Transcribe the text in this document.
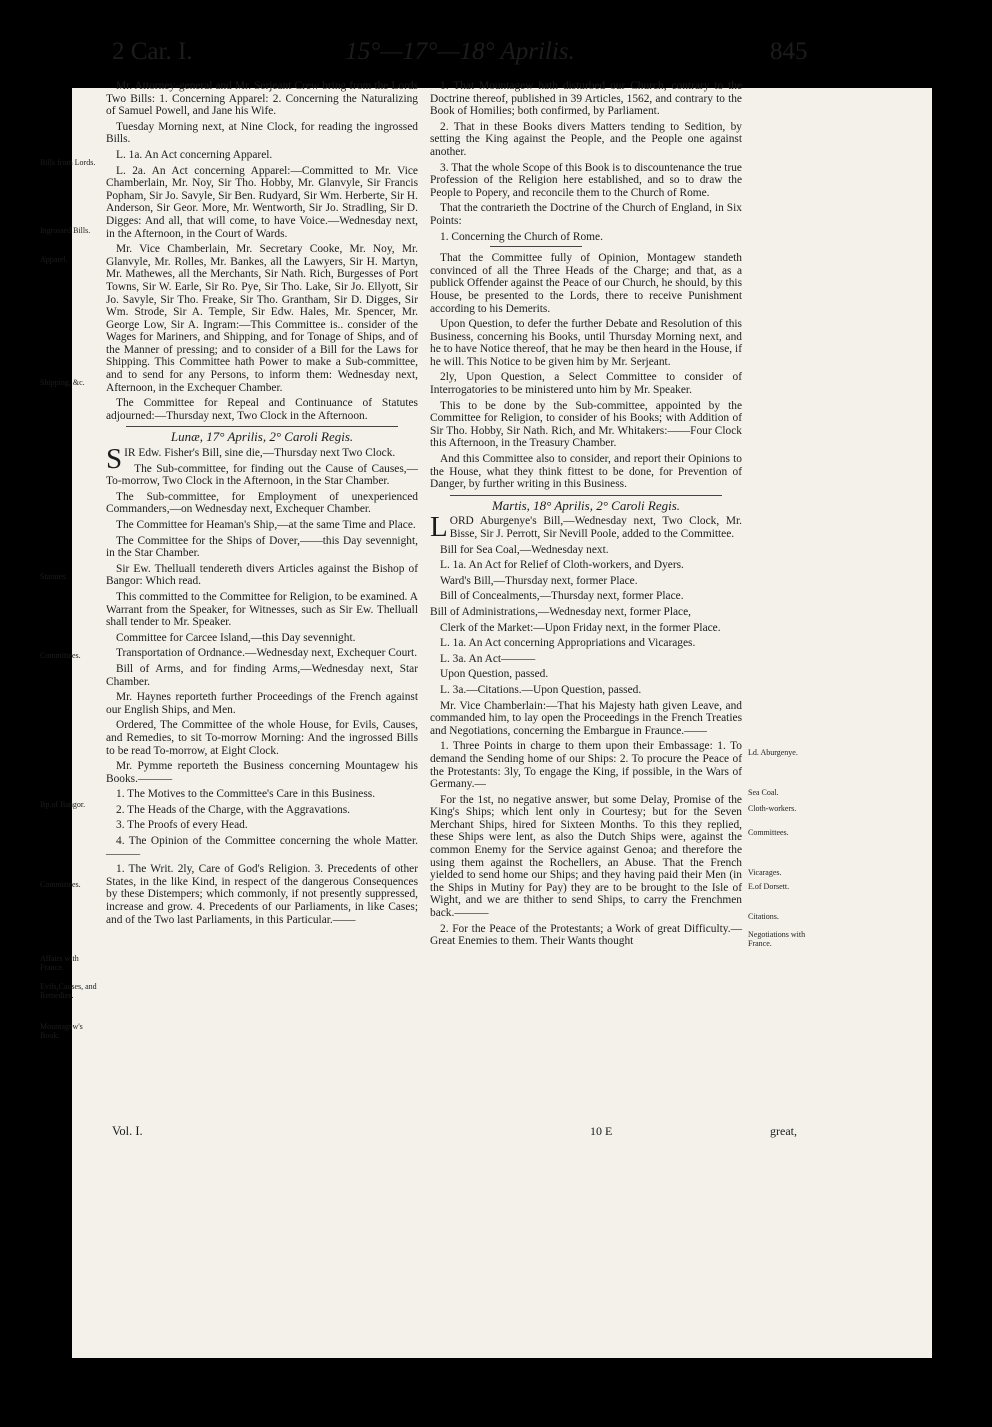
2 Car. I.	15°—17°—18° Aprilis.	845
Bills from Lords.
Ingrossed Bills.
Apparel.
Shipping, &c.
Statutes.
Committees.
Bp.of Bangor.
Committees.
Affairs with France.
Evils,Causes, and Remedies.
Mountagew's Book.
Ld. Aburgenye.
Sea Coal.
Cloth-workers.
Committees.
Vicarages.
E.of Dorsett.
Citations.
Negotiations with France.

Mr. Attorney-general and Mr. Serjeant Crew bring from the Lords Two Bills: 1. Concerning Apparel: 2. Concerning the Naturalizing of Samuel Powell, and Jane his Wife.

Tuesday Morning next, at Nine Clock, for reading the ingrossed Bills.

L. 1a. An Act concerning Apparel.

L. 2a. An Act concerning Apparel:—Committed to Mr. Vice Chamberlain, Mr. Noy, Sir Tho. Hobby, Mr. Glanvyle, Sir Francis Popham, Sir Jo. Savyle, Sir Ben. Rudyard, Sir Wm. Herberte, Sir H. Anderson, Sir Geor. More, Mr. Wentworth, Sir Jo. Stradling, Sir D. Digges: And all, that will come, to have Voice.—Wednesday next, in the Afternoon, in the Court of Wards.

Mr. Vice Chamberlain, Mr. Secretary Cooke, Mr. Noy, Mr. Glanvyle, Mr. Rolles, Mr. Bankes, all the Lawyers, Sir H. Martyn, Mr. Mathewes, all the Merchants, Sir Nath. Rich, Burgesses of Port Towns, Sir W. Earle, Sir Ro. Pye, Sir Tho. Lake, Sir Jo. Ellyott, Sir Jo. Savyle, Sir Tho. Freake, Sir Tho. Grantham, Sir D. Digges, Sir Wm. Strode, Sir A. Temple, Sir Edw. Hales, Mr. Spencer, Mr. George Low, Sir A. Ingram:—This Committee is.. consider of the Wages for Mariners, and Shipping, and for Tonage of Ships, and of the Manner of pressing; and to consider of a Bill for the Laws for Shipping. This Committee hath Power to make a Sub-committee, and to send for any Persons, to inform them: Wednesday next, Afternoon, in the Exchequer Chamber.

The Committee for Repeal and Continuance of Statutes adjourned:—Thursday next, Two Clock in the Afternoon.

Lunæ, 17° Aprilis, 2° Caroli Regis.

SIR Edw. Fisher's Bill, sine die,—Thursday next Two Clock.

The Sub-committee, for finding out the Cause of Causes,—To-morrow, Two Clock in the Afternoon, in the Star Chamber.

The Sub-committee, for Employment of unexperienced Commanders,—on Wednesday next, Exchequer Chamber.

The Committee for Heaman's Ship,—at the same Time and Place.

The Committee for the Ships of Dover,——this Day sevennight, in the Star Chamber.

Sir Ew. Thelluall tendereth divers Articles against the Bishop of Bangor: Which read.

This committed to the Committee for Religion, to be examined. A Warrant from the Speaker, for Witnesses, such as Sir Ew. Thelluall shall tender to Mr. Speaker.

Committee for Carcee Island,—this Day sevennight.

Transportation of Ordnance.—Wednesday next, Exchequer Court.

Bill of Arms, and for finding Arms,—Wednesday next, Star Chamber.

Mr. Haynes reporteth further Proceedings of the French against our English Ships, and Men.

Ordered, The Committee of the whole House, for Evils, Causes, and Remedies, to sit To-morrow Morning: And the ingrossed Bills to be read To-morrow, at Eight Clock.

Mr. Pymme reporteth the Business concerning Mountagew his Books.———

1. The Motives to the Committee's Care in this Business.

2. The Heads of the Charge, with the Aggravations.

3. The Proofs of every Head.

4. The Opinion of the Committee concerning the whole Matter.———

1. The Writ. 2ly, Care of God's Religion. 3. Precedents of other States, in the like Kind, in respect of the dangerous Consequences by these Distempers; which commonly, if not presently suppressed, increase and grow. 4. Precedents of our Parliaments, in like Cases; and of the Two last Parliaments, in this Particular.——

1. That Mountagew hath disturbed our Church, contrary to the Doctrine thereof, published in 39 Articles, 1562, and contrary to the Book of Homilies; both confirmed, by Parliament.

2. That in these Books divers Matters tending to Sedition, by setting the King against the People, and the People one against another.

3. That the whole Scope of this Book is to discountenance the true Profession of the Religion here established, and so to draw the People to Popery, and reconcile them to the Church of Rome.

That the contrarieth the Doctrine of the Church of England, in Six Points:

1. Concerning the Church of Rome.

That the Committee fully of Opinion, Montagew standeth convinced of all the Three Heads of the Charge; and that, as a publick Offender against the Peace of our Church, he should, by this House, be presented to the Lords, there to receive Punishment according to his Demerits.

Upon Question, to defer the further Debate and Resolution of this Business, concerning his Books, until Thursday Morning next, and he to have Notice thereof, that he may be then heard in the House, if he will. This Notice to be given him by Mr. Serjeant.

2ly, Upon Question, a Select Committee to consider of Interrogatories to be ministered unto him by Mr. Speaker.

This to be done by the Sub-committee, appointed by the Committee for Religion, to consider of his Books; with Addition of Sir Tho. Hobby, Sir Nath. Rich, and Mr. Whitakers:——Four Clock this Afternoon, in the Treasury Chamber.

And this Committee also to consider, and report their Opinions to the House, what they think fittest to be done, for Prevention of Danger, by further writing in this Business.

Martis, 18° Aprilis, 2° Caroli Regis.

LORD Aburgenye's Bill,—Wednesday next, Two Clock, Mr. Bisse, Sir J. Perrott, Sir Nevill Poole, added to the Committee.

Bill for Sea Coal,—Wednesday next.

L. 1a. An Act for Relief of Cloth-workers, and Dyers.

Ward's Bill,—Thursday next, former Place.

Bill of Concealments,—Thursday next, former Place.

Bill of Administrations,—Wednesday next, former Place,

Clerk of the Market:—Upon Friday next, in the former Place.

L. 1a. An Act concerning Appropriations and Vicarages.

L. 3a. An Act———

Upon Question, passed.

L. 3a.—Citations.—Upon Question, passed.

Mr. Vice Chamberlain:—That his Majesty hath given Leave, and commanded him, to lay open the Proceedings in the French Treaties and Negotiations, concerning the Embargue in Fraunce.——

1. Three Points in charge to them upon their Embassage: 1. To demand the Sending home of our Ships: 2. To procure the Peace of the Protestants: 3ly, To engage the King, if possible, in the Wars of Germany.—

For the 1st, no negative answer, but some Delay, Promise of the King's Ships; which lent only in Courtesy; but for the Seven Merchant Ships, hired for Sixteen Months. To this they replied, these Ships were lent, as also the Dutch Ships were, against the common Enemy for the Service against Genoa; and therefore the using them against the Rochellers, an Abuse. That the French yielded to send home our Ships; and they having paid their Men (in the Ships in Mutiny for Pay) they are to be brought to the Isle of Wight, and we are thither to send Ships, to carry the Frenchmen back.———

2. For the Peace of the Protestants; a Work of great Difficulty.—Great Enemies to them. Their Wants thought

Vol. I.	10 E	great,
